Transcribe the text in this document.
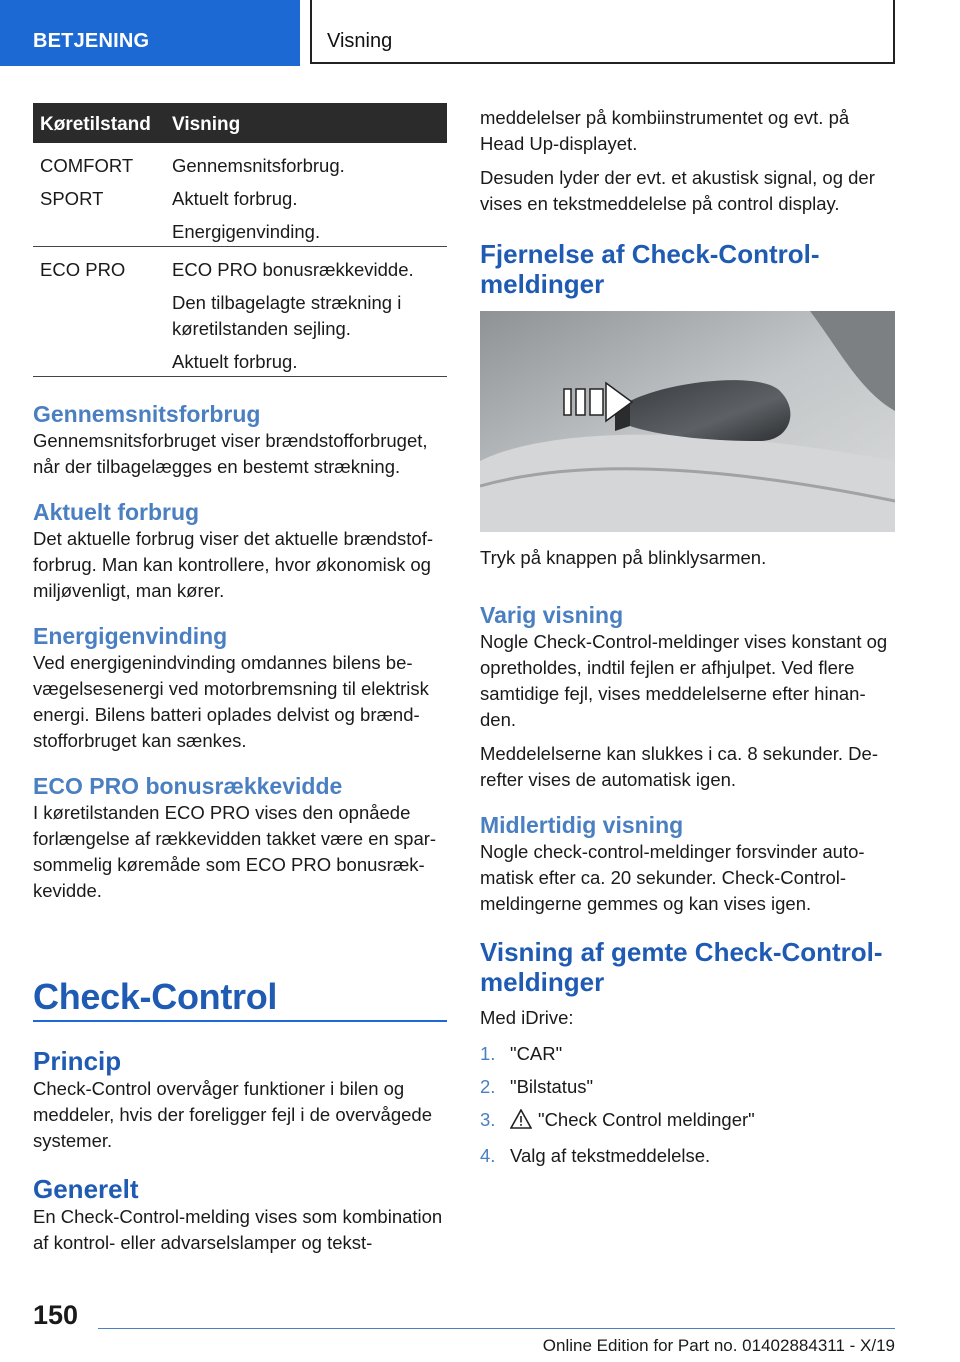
BETJENING	Visning
Køretilstand Visning
COMFORT
SPORT
Gennemsnitsforbrug.
Aktuelt forbrug.
Energigenvinding.
ECO PRO	ECO PRO bonusrækkevidde.
Den tilbagelagte strækning i køretilstanden sejling.
Aktuelt forbrug.
Gennemsnitsforbrug

Gennemsnitsforbruget viser brændstofforbruget, når der tilbagelægges en bestemt strækning.

Aktuelt forbrug

Det aktuelle forbrug viser det aktuelle brændstofforbrug. Man kan kontrollere, hvor økonomisk og miljøvenligt, man kører.

Energigenvinding

Ved energigenindvinding omdannes bilens bevægelsesenergi ved motorbremsning til elektrisk energi. Bilens batteri oplades delvist og brændstofforbruget kan sænkes.

ECO PRO bonusrækkevidde

I køretilstanden ECO PRO vises den opnåede forlængelse af rækkevidden takket være en sparsommelig køremåde som ECO PRO bonusrækkevidde.

Check-Control
Princip

Check-Control overvåger funktioner i bilen og meddeler, hvis der foreligger fejl i de overvågede systemer.

Generelt

En Check-Control-melding vises som kombination af kontrol- eller advarselslamper og tekst-

meddelelser på kombiinstrumentet og evt. på Head Up-displayet.

Desuden lyder der evt. et akustisk signal, og der vises en tekstmeddelelse på control display.

Fjernelse af Check-Control-meldinger

Tryk på knappen på blinklysarmen.

Varig visning

Nogle Check-Control-meldinger vises konstant og opretholdes, indtil fejlen er afhjulpet. Ved flere samtidige fejl, vises meddelelserne efter hinanden.

Meddelelserne kan slukkes i ca. 8 sekunder. Derefter vises de automatisk igen.

Midlertidig visning

Nogle check-control-meldinger forsvinder automatisk efter ca. 20 sekunder. Check-Control-meldingerne gemmes og kan vises igen.

Visning af gemte Check-Control-meldinger

Med iDrive:

1. "CAR"
2. "Bilstatus"
3. "Check Control meldinger"
4. Valg af tekstmeddelelse.
150
Online Edition for Part no. 01402884311 - X/19
